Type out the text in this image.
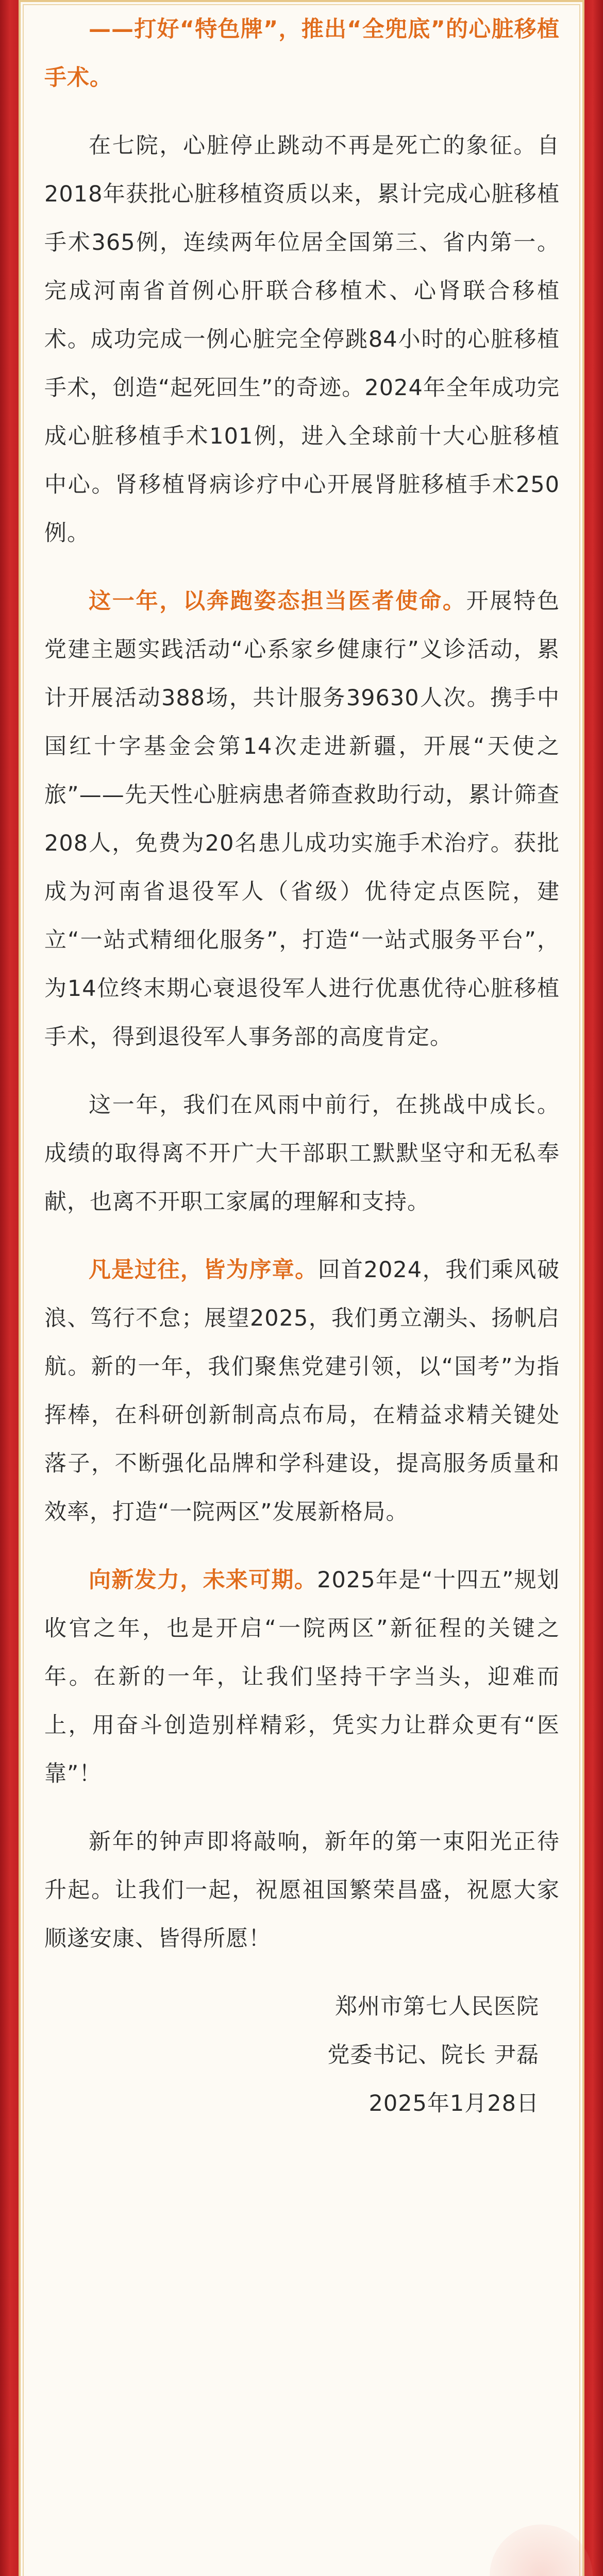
——打好“特色牌”，推出“全兜底”的心脏移植手术。

在七院，心脏停止跳动不再是死亡的象征。自2018年获批心脏移植资质以来，累计完成心脏移植手术365例，连续两年位居全国第三、省内第一。完成河南省首例心肝联合移植术、心肾联合移植术。成功完成一例心脏完全停跳84小时的心脏移植手术，创造“起死回生”的奇迹。2024年全年成功完成心脏移植手术101例，进入全球前十大心脏移植中心。肾移植肾病诊疗中心开展肾脏移植手术250例。

这一年，以奔跑姿态担当医者使命。开展特色党建主题实践活动“心系家乡健康行”义诊活动，累计开展活动388场，共计服务39630人次。携手中国红十字基金会第14次走进新疆，开展“天使之旅”——先天性心脏病患者筛查救助行动，累计筛查208人，免费为20名患儿成功实施手术治疗。获批成为河南省退役军人（省级）优待定点医院，建立“一站式精细化服务”，打造“一站式服务平台”，为14位终末期心衰退役军人进行优惠优待心脏移植手术，得到退役军人事务部的高度肯定。

这一年，我们在风雨中前行，在挑战中成长。成绩的取得离不开广大干部职工默默坚守和无私奉献，也离不开职工家属的理解和支持。

凡是过往，皆为序章。回首2024，我们乘风破浪、笃行不怠；展望2025，我们勇立潮头、扬帆启航。新的一年，我们聚焦党建引领，以“国考”为指挥棒，在科研创新制高点布局，在精益求精关键处落子，不断强化品牌和学科建设，提高服务质量和效率，打造“一院两区”发展新格局。

向新发力，未来可期。2025年是“十四五”规划收官之年，也是开启“一院两区”新征程的关键之年。在新的一年，让我们坚持干字当头，迎难而上，用奋斗创造别样精彩，凭实力让群众更有“医靠”！

新年的钟声即将敲响，新年的第一束阳光正待升起。让我们一起，祝愿祖国繁荣昌盛，祝愿大家顺遂安康、皆得所愿！

郑州市第七人民医院
党委书记、院长 尹磊
2025年1月28日
